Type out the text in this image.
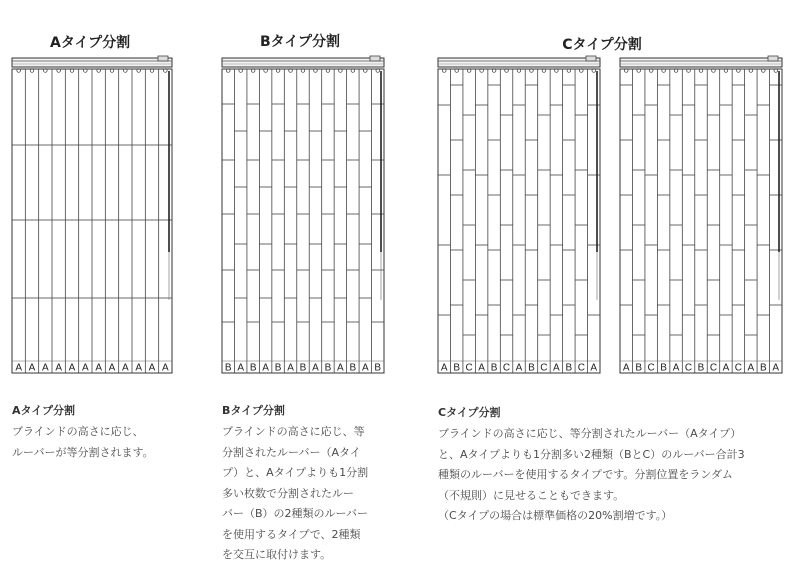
Aタイプ分割	Bタイプ分割	Cタイプ分割
A A A A A A A A A A A A	B A B A B A B A B A B A B	A B C A B C A B C A B C A	A B C B A C B C A C A B A
Aタイプ分割
ブラインドの高さに応じ、
ルーバーが等分割されます。
Bタイプ分割
ブラインドの高さに応じ、等
分割されたルーバー（Aタイ
プ）と、Aタイプよりも1分割
多い枚数で分割されたルー
バー（B）の2種類のルーバー
を使用するタイプで、2種類
を交互に取付けます。
Cタイプ分割
ブラインドの高さに応じ、等分割されたルーバー（Aタイプ）
と、Aタイプよりも1分割多い2種類（BとC）のルーバー合計3
種類のルーバーを使用するタイプです。分割位置をランダム
（不規則）に見せることもできます。
（Cタイプの場合は標準価格の20%割増です。）
